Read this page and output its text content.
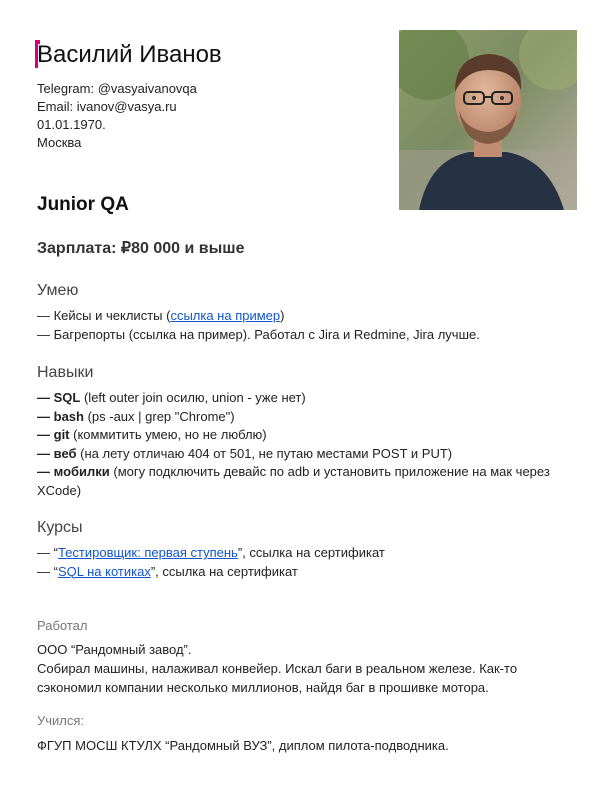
Василий Иванов
Telegram: @vasyaivanovqa
Email: ivanov@vasya.ru
01.01.1970.
Москва
Junior QA
Зарплата: ₽80 000 и выше
Умею
— Кейсы и чеклисты (ссылка на пример)
— Багрепорты (ссылка на пример). Работал с Jira и Redmine, Jira лучше.
Навыки
— SQL (left outer join осилю, union - уже нет)
— bash (ps -aux | grep "Chrome")
— git (коммитить умею, но не люблю)
— веб (на лету отличаю 404 от 501, не путаю местами POST и PUT)
— мобилки (могу подключить девайс по adb и установить приложение на мак через
XCode)
Курсы
— “Тестировщик: первая ступень”, ссылка на сертификат
— “SQL на котиках”, ссылка на сертификат
Работал
ООО “Рандомный завод”.
Собирал машины, налаживал конвейер. Искал баги в реальном железе. Как-то
сэкономил компании несколько миллионов, найдя баг в прошивке мотора.
Учился:
ФГУП МОСШ КТУЛХ “Рандомный ВУЗ”, диплом пилота-подводника.
